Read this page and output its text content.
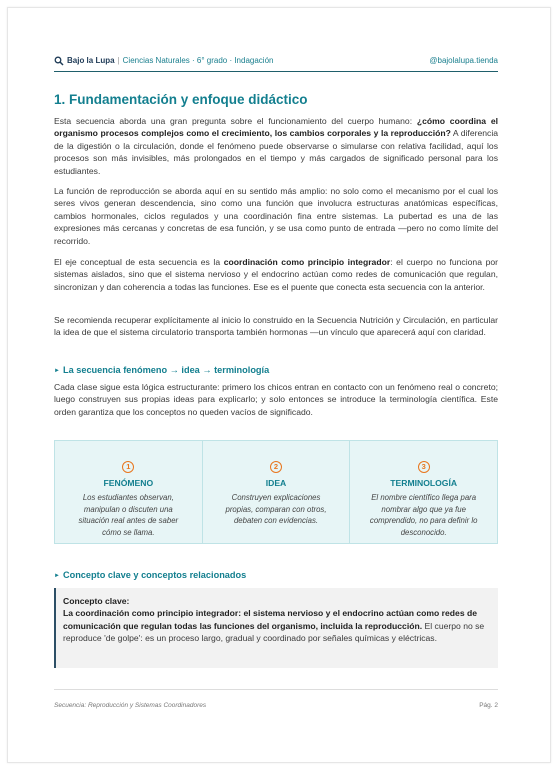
Bajo la Lupa | Ciencias Naturales · 6° grado · Indagación	@bajolalupa.tienda
1. Fundamentación y enfoque didáctico
Esta secuencia aborda una gran pregunta sobre el funcionamiento del cuerpo humano: ¿cómo coordina el organismo procesos complejos como el crecimiento, los cambios corporales y la reproducción? A diferencia de la digestión o la circulación, donde el fenómeno puede observarse o simularse con relativa facilidad, aquí los procesos son más invisibles, más prolongados en el tiempo y más cargados de significado personal para los estudiantes.
La función de reproducción se aborda aquí en su sentido más amplio: no solo como el mecanismo por el cual los seres vivos generan descendencia, sino como una función que involucra estructuras anatómicas específicas, cambios hormonales, ciclos regulados y una coordinación fina entre sistemas. La pubertad es una de las expresiones más cercanas y concretas de esa función, y se usa como punto de entrada —pero no como límite del recorrido.
El eje conceptual de esta secuencia es la coordinación como principio integrador: el cuerpo no funciona por sistemas aislados, sino que el sistema nervioso y el endocrino actúan como redes de comunicación que regulan, sincronizan y dan coherencia a todas las funciones. Ese es el puente que conecta esta secuencia con la anterior.
Se recomienda recuperar explícitamente al inicio lo construido en la Secuencia Nutrición y Circulación, en particular la idea de que el sistema circulatorio transporta también hormonas —un vínculo que aparecerá aquí con claridad.
► La secuencia fenómeno → idea → terminología
Cada clase sigue esta lógica estructurante: primero los chicos entran en contacto con un fenómeno real o concreto; luego construyen sus propias ideas para explicarlo; y solo entonces se introduce la terminología científica. Este orden garantiza que los conceptos no queden vacíos de significado.
1
FENÓMENO
Los estudiantes observan, manipulan o discuten una situación real antes de saber cómo se llama.
2
IDEA
Construyen explicaciones propias, comparan con otros, debaten con evidencias.
3
TERMINOLOGÍA
El nombre científico llega para nombrar algo que ya fue comprendido, no para definir lo desconocido.
► Concepto clave y conceptos relacionados
Concepto clave:
La coordinación como principio integrador: el sistema nervioso y el endocrino actúan como redes de comunicación que regulan todas las funciones del organismo, incluida la reproducción. El cuerpo no se reproduce 'de golpe': es un proceso largo, gradual y coordinado por señales químicas y eléctricas.
Secuencia: Reproducción y Sistemas Coordinadores	Pág. 2
